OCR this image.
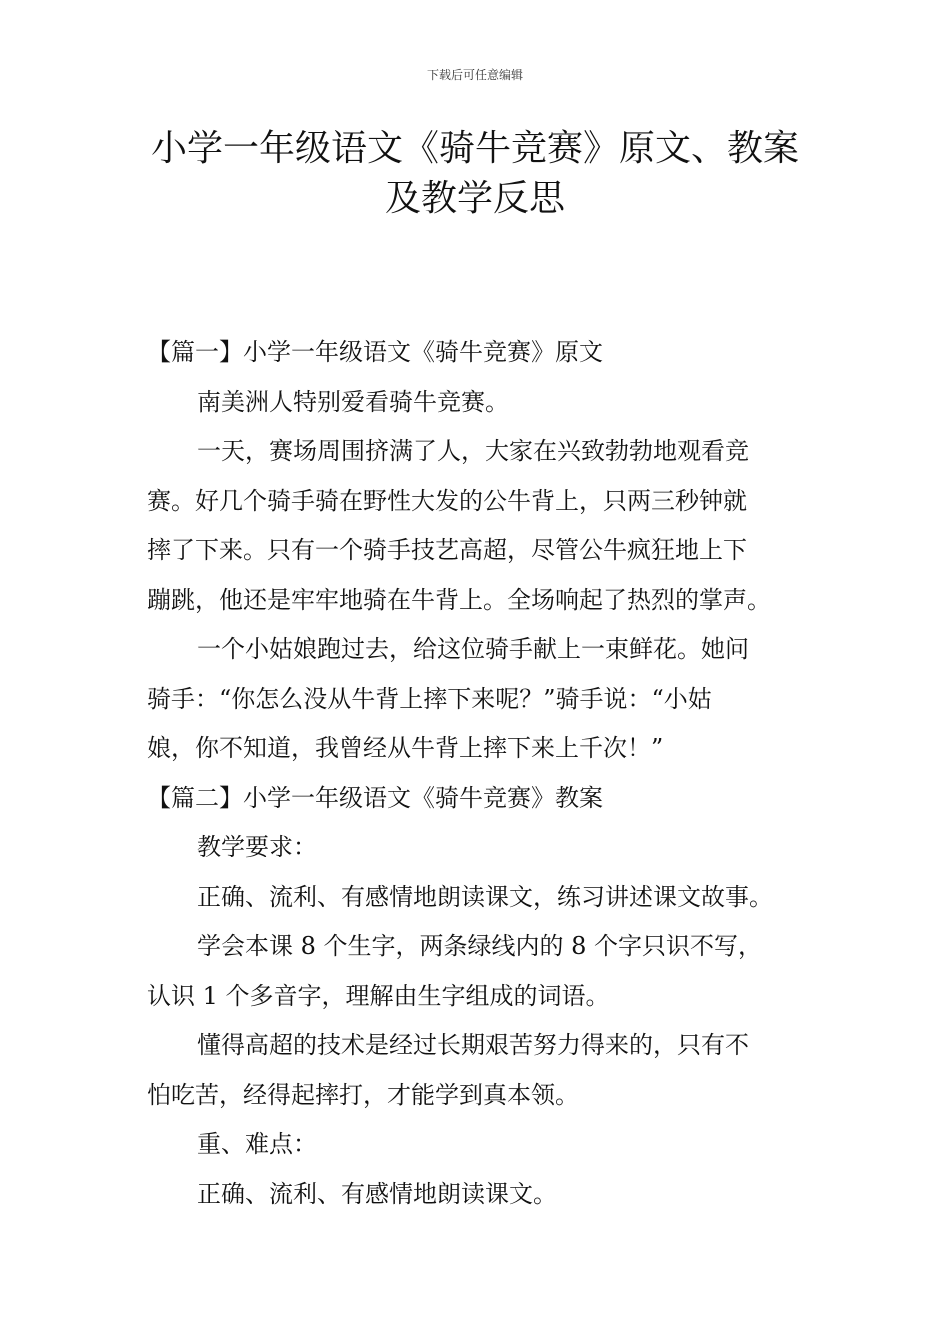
下载后可任意编辑
小学一年级语文《骑牛竞赛》原文、教案
及教学反思
【篇一】小学一年级语文《骑牛竞赛》原文
南美洲人特别爱看骑牛竞赛。
一天，赛场周围挤满了人，大家在兴致勃勃地观看竞
赛。好几个骑手骑在野性大发的公牛背上，只两三秒钟就
摔了下来。只有一个骑手技艺高超，尽管公牛疯狂地上下
蹦跳，他还是牢牢地骑在牛背上。全场响起了热烈的掌声。
一个小姑娘跑过去，给这位骑手献上一束鲜花。她问
骑手：“你怎么没从牛背上摔下来呢？”骑手说：“小姑
娘，你不知道，我曾经从牛背上摔下来上千次！”
【篇二】小学一年级语文《骑牛竞赛》教案
教学要求：
正确、流利、有感情地朗读课文，练习讲述课文故事。
学会本课 8 个生字，两条绿线内的 8 个字只识不写，
认识 1 个多音字，理解由生字组成的词语。
懂得高超的技术是经过长期艰苦努力得来的，只有不
怕吃苦，经得起摔打，才能学到真本领。
重、难点：
正确、流利、有感情地朗读课文。
